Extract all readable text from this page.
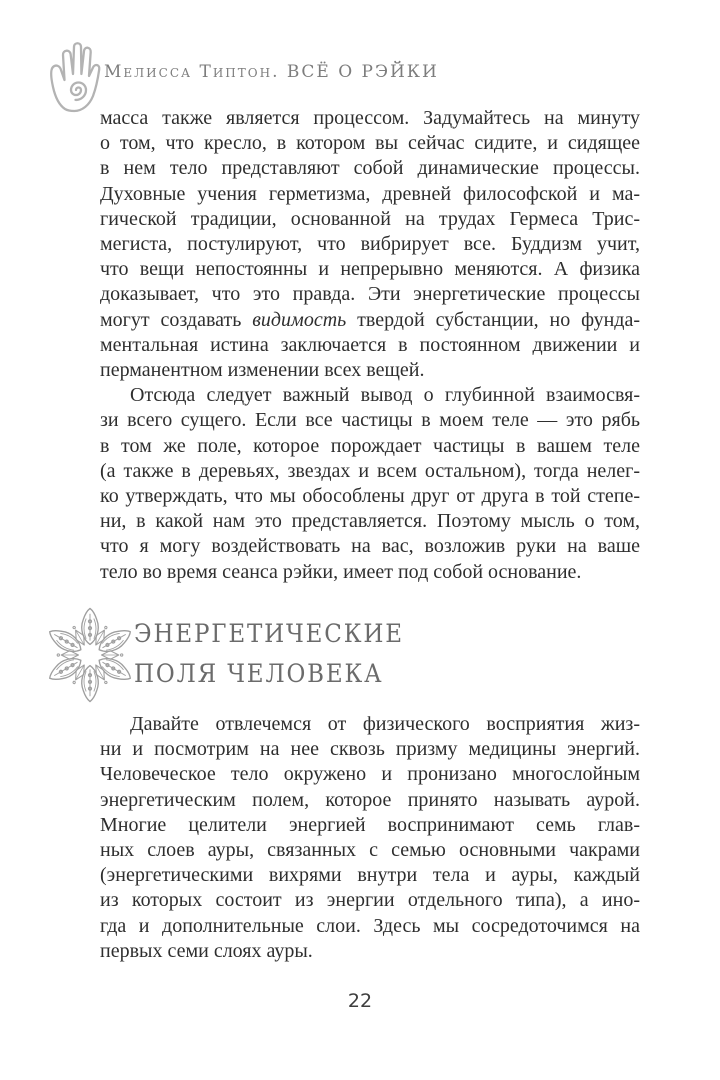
Мелисса Типтон. ВСЁ О РЭЙКИ
масса также является процессом. Задумайтесь на минуту
о том, что кресло, в котором вы сейчас сидите, и сидящее
в нем тело представляют собой динамические процессы.
Духовные учения герметизма, древней философской и ма-
гической традиции, основанной на трудах Гермеса Трис-
мегиста, постулируют, что вибрирует все. Буддизм учит,
что вещи непостоянны и непрерывно меняются. А физика
доказывает, что это правда. Эти энергетические процессы
могут создавать видимость твердой субстанции, но фунда-
ментальная истина заключается в постоянном движении и
перманентном изменении всех вещей.
Отсюда следует важный вывод о глубинной взаимосвя-
зи всего сущего. Если все частицы в моем теле — это рябь
в том же поле, которое порождает частицы в вашем теле
(а также в деревьях, звездах и всем остальном), тогда нелег-
ко утверждать, что мы обособлены друг от друга в той степе-
ни, в какой нам это представляется. Поэтому мысль о том,
что я могу воздействовать на вас, возложив руки на ваше
тело во время сеанса рэйки, имеет под собой основание.
ЭНЕРГЕТИЧЕСКИЕ
ПОЛЯ ЧЕЛОВЕКА
Давайте отвлечемся от физического восприятия жиз-
ни и посмотрим на нее сквозь призму медицины энергий.
Человеческое тело окружено и пронизано многослойным
энергетическим полем, которое принято называть аурой.
Многие целители энергией воспринимают семь глав-
ных слоев ауры, связанных с семью основными чакрами
(энергетическими вихрями внутри тела и ауры, каждый
из которых состоит из энергии отдельного типа), а ино-
гда и дополнительные слои. Здесь мы сосредоточимся на
первых семи слоях ауры.
22
